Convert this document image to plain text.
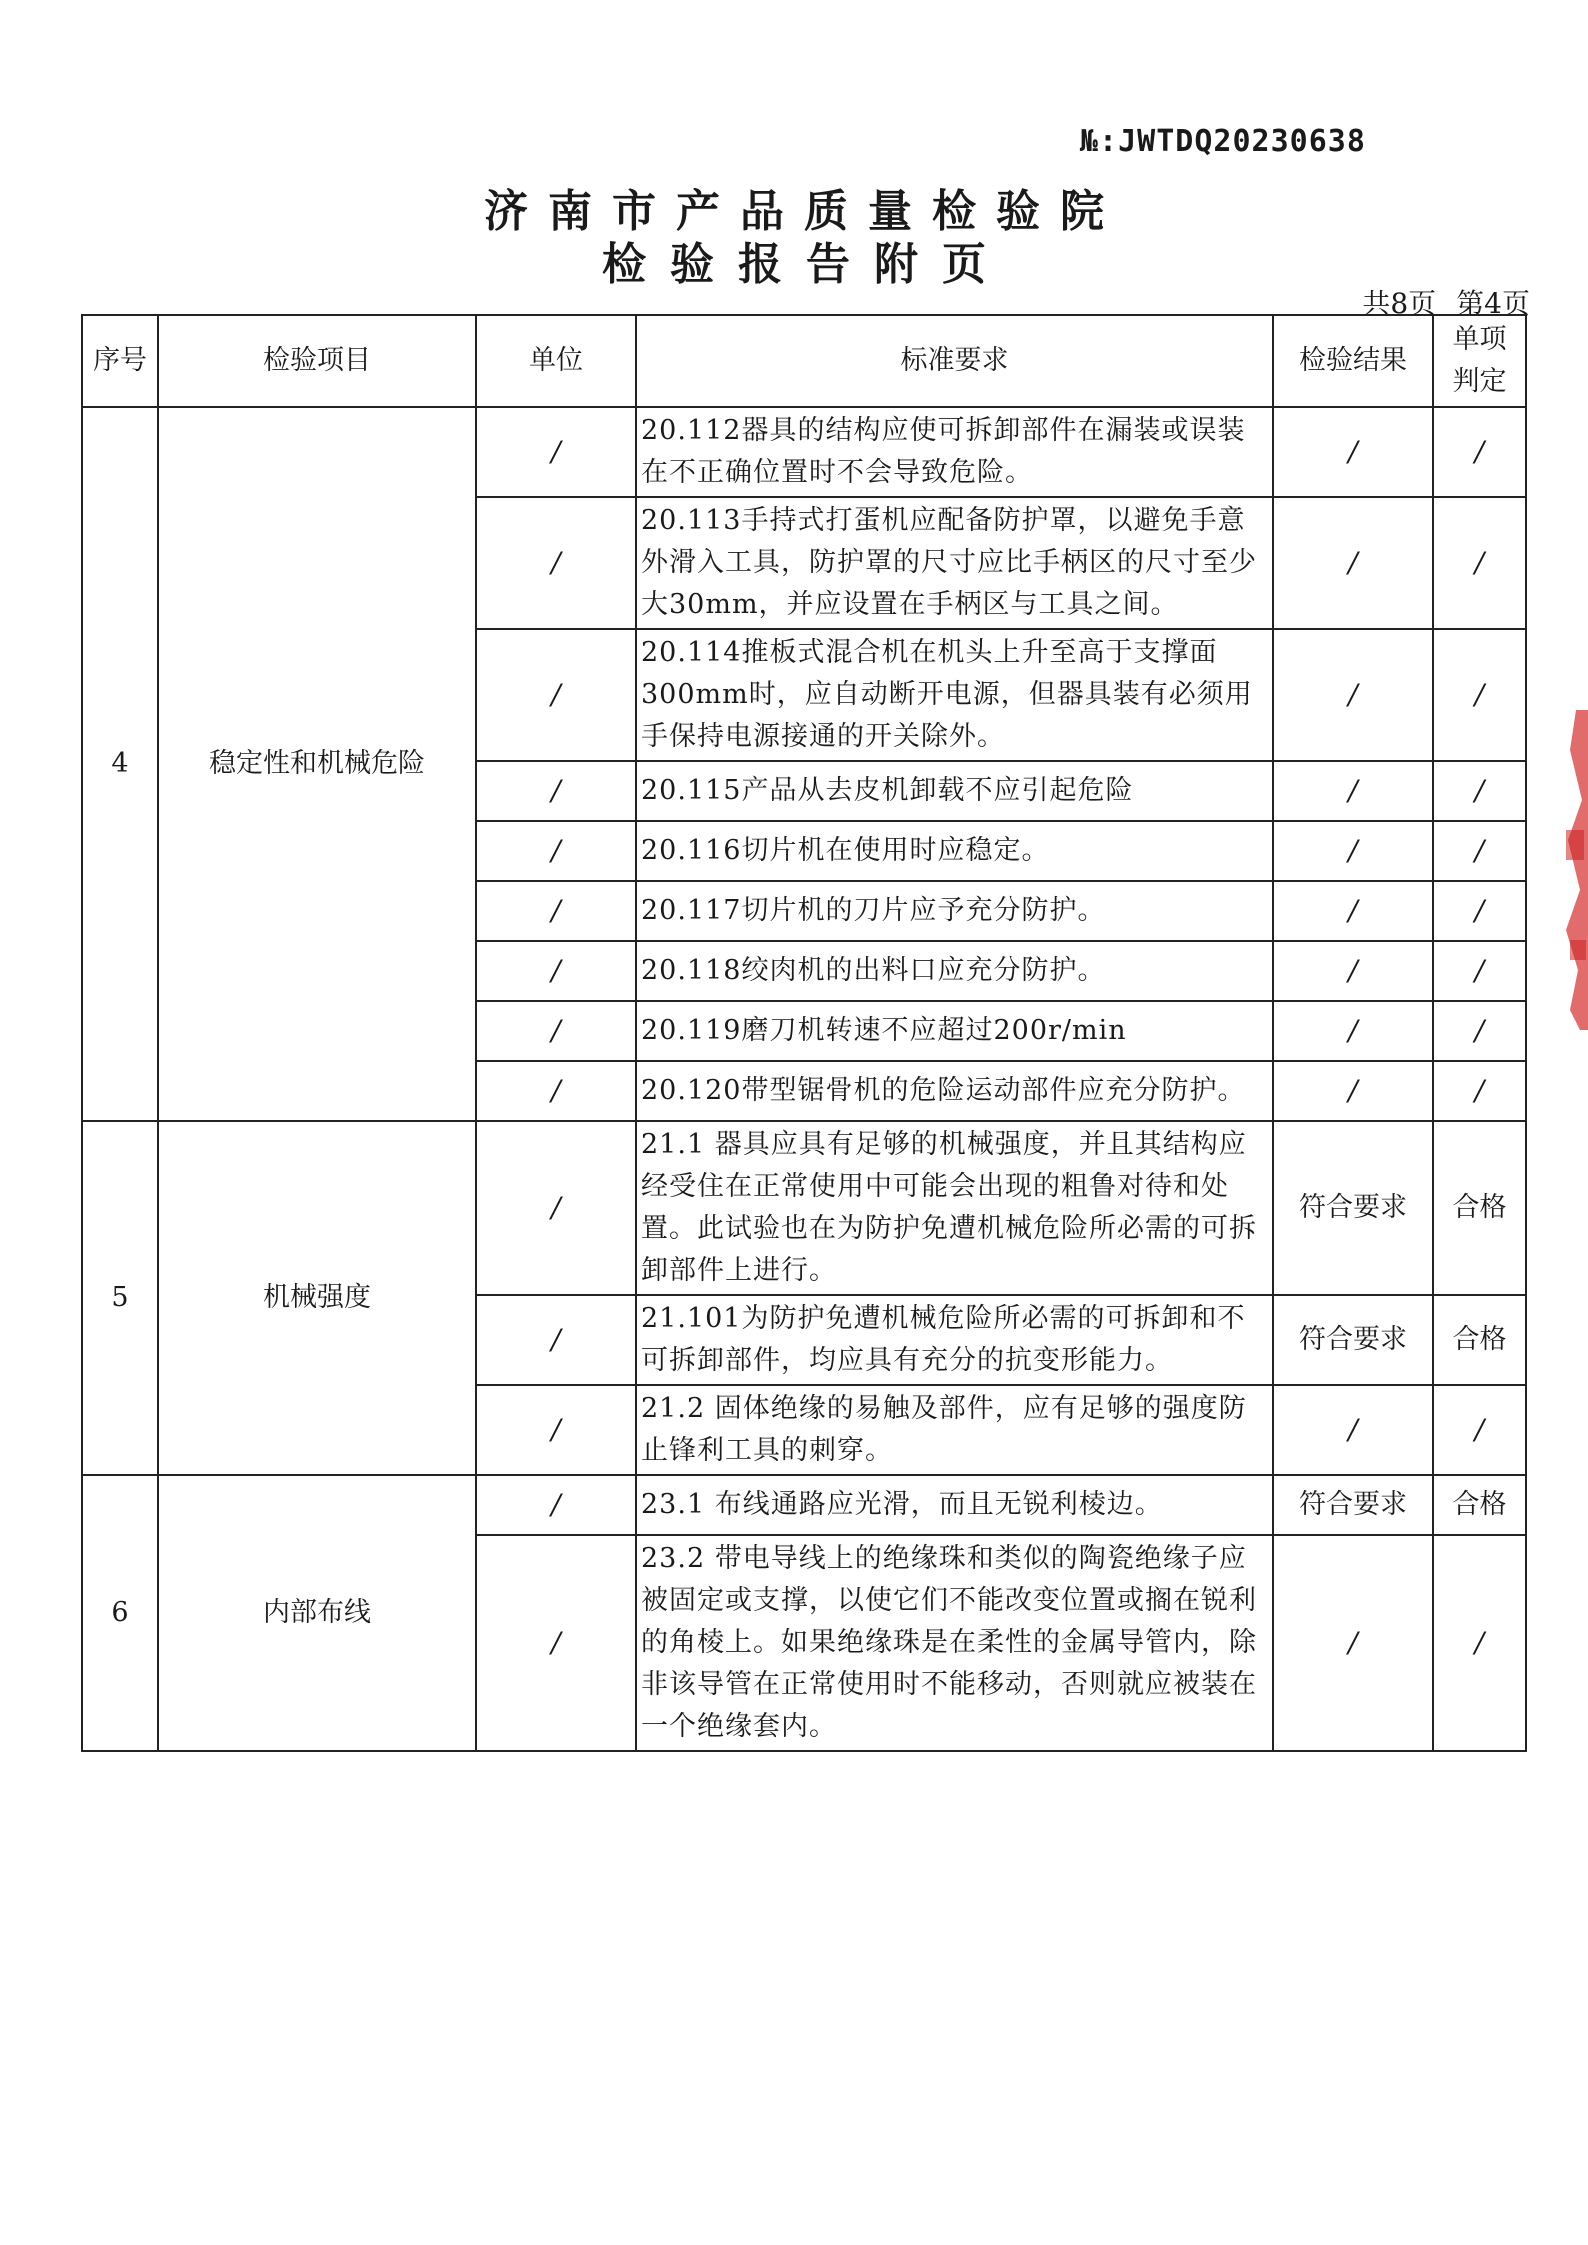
№:JWTDQ20230638
济南市产品质量检验院
检验报告附页
共8页 第4页
序号	检验项目	单位	标准要求	检验结果	单项判定
4	稳定性和机械危险	/	20.112器具的结构应使可拆卸部件在漏装或误装在不正确位置时不会导致危险。	/	/
		/	20.113手持式打蛋机应配备防护罩，以避免手意外滑入工具，防护罩的尺寸应比手柄区的尺寸至少大30mm，并应设置在手柄区与工具之间。	/	/
		/	20.114推板式混合机在机头上升至高于支撑面300mm时，应自动断开电源，但器具装有必须用手保持电源接通的开关除外。	/	/
		/	20.115产品从去皮机卸载不应引起危险	/	/
		/	20.116切片机在使用时应稳定。	/	/
		/	20.117切片机的刀片应予充分防护。	/	/
		/	20.118绞肉机的出料口应充分防护。	/	/
		/	20.119磨刀机转速不应超过200r/min	/	/
		/	20.120带型锯骨机的危险运动部件应充分防护。	/	/
5	机械强度	/	21.1 器具应具有足够的机械强度，并且其结构应经受住在正常使用中可能会出现的粗鲁对待和处置。此试验也在为防护免遭机械危险所必需的可拆卸部件上进行。	符合要求	合格
		/	21.101为防护免遭机械危险所必需的可拆卸和不可拆卸部件，均应具有充分的抗变形能力。	符合要求	合格
		/	21.2 固体绝缘的易触及部件，应有足够的强度防止锋利工具的刺穿。	/	/
6	内部布线	/	23.1 布线通路应光滑，而且无锐利棱边。	符合要求	合格
		/	23.2 带电导线上的绝缘珠和类似的陶瓷绝缘子应被固定或支撑，以使它们不能改变位置或搁在锐利的角棱上。如果绝缘珠是在柔性的金属导管内，除非该导管在正常使用时不能移动，否则就应被装在一个绝缘套内。	/	/
